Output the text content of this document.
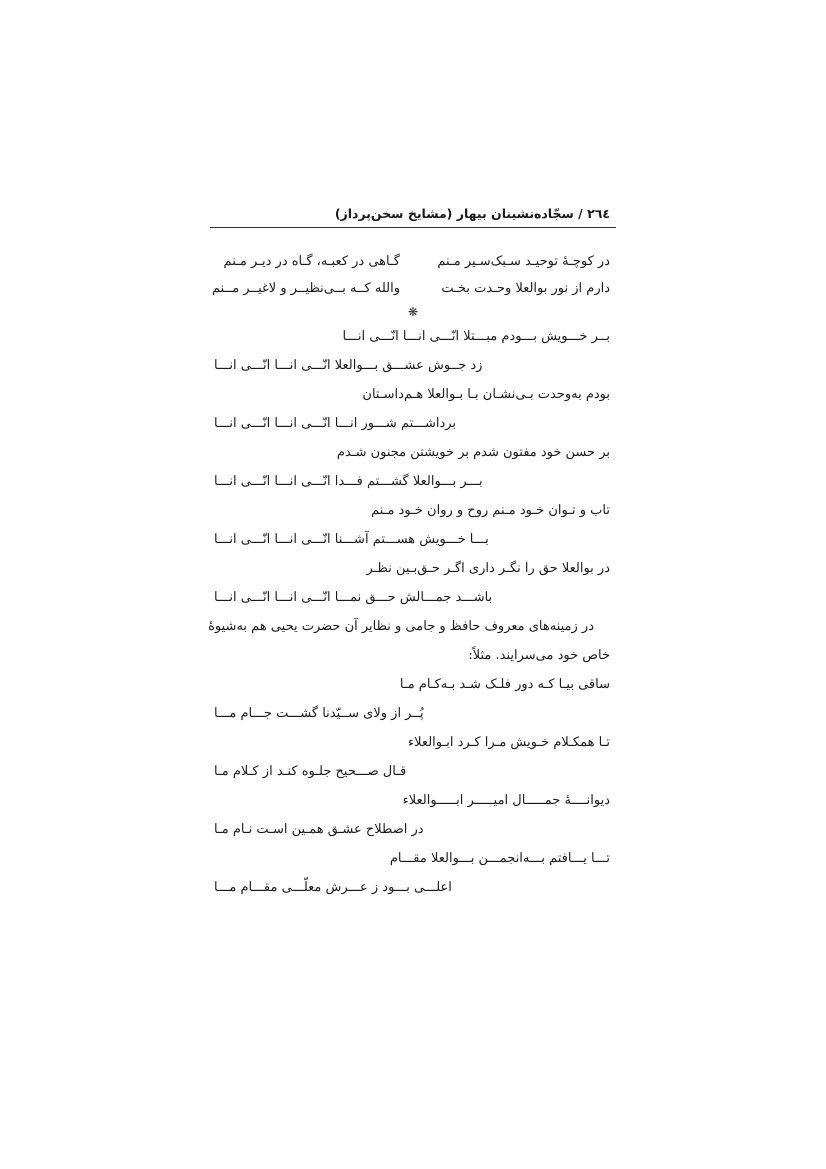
٢٦٤ / سجّاده‌نشینان بیهار (مشایخ سخن‌پرداز)
در کوچـهٔ توحیـد سـبک‌سـیر مـنم
گـاهی در کعبـه، گـاه در دیـر مـنم
دارم از نور بوالعلا وحـدت بخـت
والله کــه بــی‌نظیــر و لاغیــر مــنم
❋
بــر خـــویش بـــودم مبـــتلا انّـــی انـــا انّـــی انـــا
زد جــوش عشـــق بـــوالعلا انّـــی انـــا انّـــی انـــا
بودم به‌وحدت بـی‌نشـان بـا بـوالعلا هـم‌داسـتان
برداشـــتم شـــور انـــا انّـــی انـــا انّـــی انـــا
بر حسن خود مفتون شدم بر خویشتن مجنون شـدم
بـــر بـــوالعلا گشـــتم فـــدا انّـــی انـــا انّـــی انـــا
تاب و تـوان خـود مـنم روح و روان خـود مـنم
بـــا خـــویش هســـتم آشـــنا انّـــی انـــا انّـــی انـــا
در بوالعلا حق را نگـر داری اگـر حـق‌بـین نظـر
باشـــد جمـــالش حـــق نمـــا انّـــی انـــا انّـــی انـــا
در زمینه‌های معروف حافظ و جامی و نظایر آن حضرت یحیی هم به‌شیوهٔ
خاص خود می‌سرایند. مثلاً:
ساقی بیـا کـه دور فلـک شـد بـه‌کـام مـا
پُــر از ولای ســیّدنا گشـــت جـــام مـــا
تـا همکـلام خـویش مـرا کـرد ابـوالعلاء
قـال صـــحیح جلـوه کنـد از کـلام مـا
دیوانــــهٔ جمـــــال امیـــــر ابـــــوالعلاء
در اصطلاح عشـق همـین اسـت نـام مـا
تـــا یـــافتم بـــه‌انجمـــن بـــوالعلا مقـــام
اعلـــی بـــود ز عـــرش معلّـــی مقـــام مـــا
